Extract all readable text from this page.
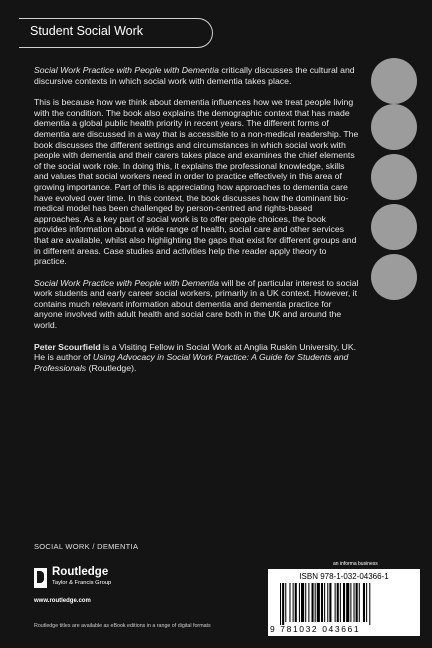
Student Social Work

Social Work Practice with People with Dementia critically discusses the cultural and discursive contexts in which social work with dementia takes place.

This is because how we think about dementia influences how we treat people living with the condition. The book also explains the demographic context that has made dementia a global public health priority in recent years. The different forms of dementia are discussed in a way that is accessible to a non-medical readership. The book discusses the different settings and circumstances in which social work with people with dementia and their carers takes place and examines the chief elements of the social work role. In doing this, it explains the professional knowledge, skills and values that social workers need in order to practice effectively in this area of growing importance. Part of this is appreciating how approaches to dementia care have evolved over time. In this context, the book discusses how the dominant bio-medical model has been challenged by person-centred and rights-based approaches. As a key part of social work is to offer people choices, the book provides information about a wide range of health, social care and other services that are available, whilst also highlighting the gaps that exist for different groups and in different areas. Case studies and activities help the reader apply theory to practice.

Social Work Practice with People with Dementia will be of particular interest to social work students and early career social workers, primarily in a UK context. However, it contains much relevant information about dementia and dementia practice for anyone involved with adult health and social care both in the UK and around the world.

Peter Scourfield is a Visiting Fellow in Social Work at Anglia Ruskin University, UK. He is author of Using Advocacy in Social Work Practice: A Guide for Students and Professionals (Routledge).

SOCIAL WORK / DEMENTIA
Routledge
Taylor & Francis Group
www.routledge.com
Routledge titles are available as eBook editions in a range of digital formats
an informa business
ISBN 978-1-032-04366-1
9 781032 043661
